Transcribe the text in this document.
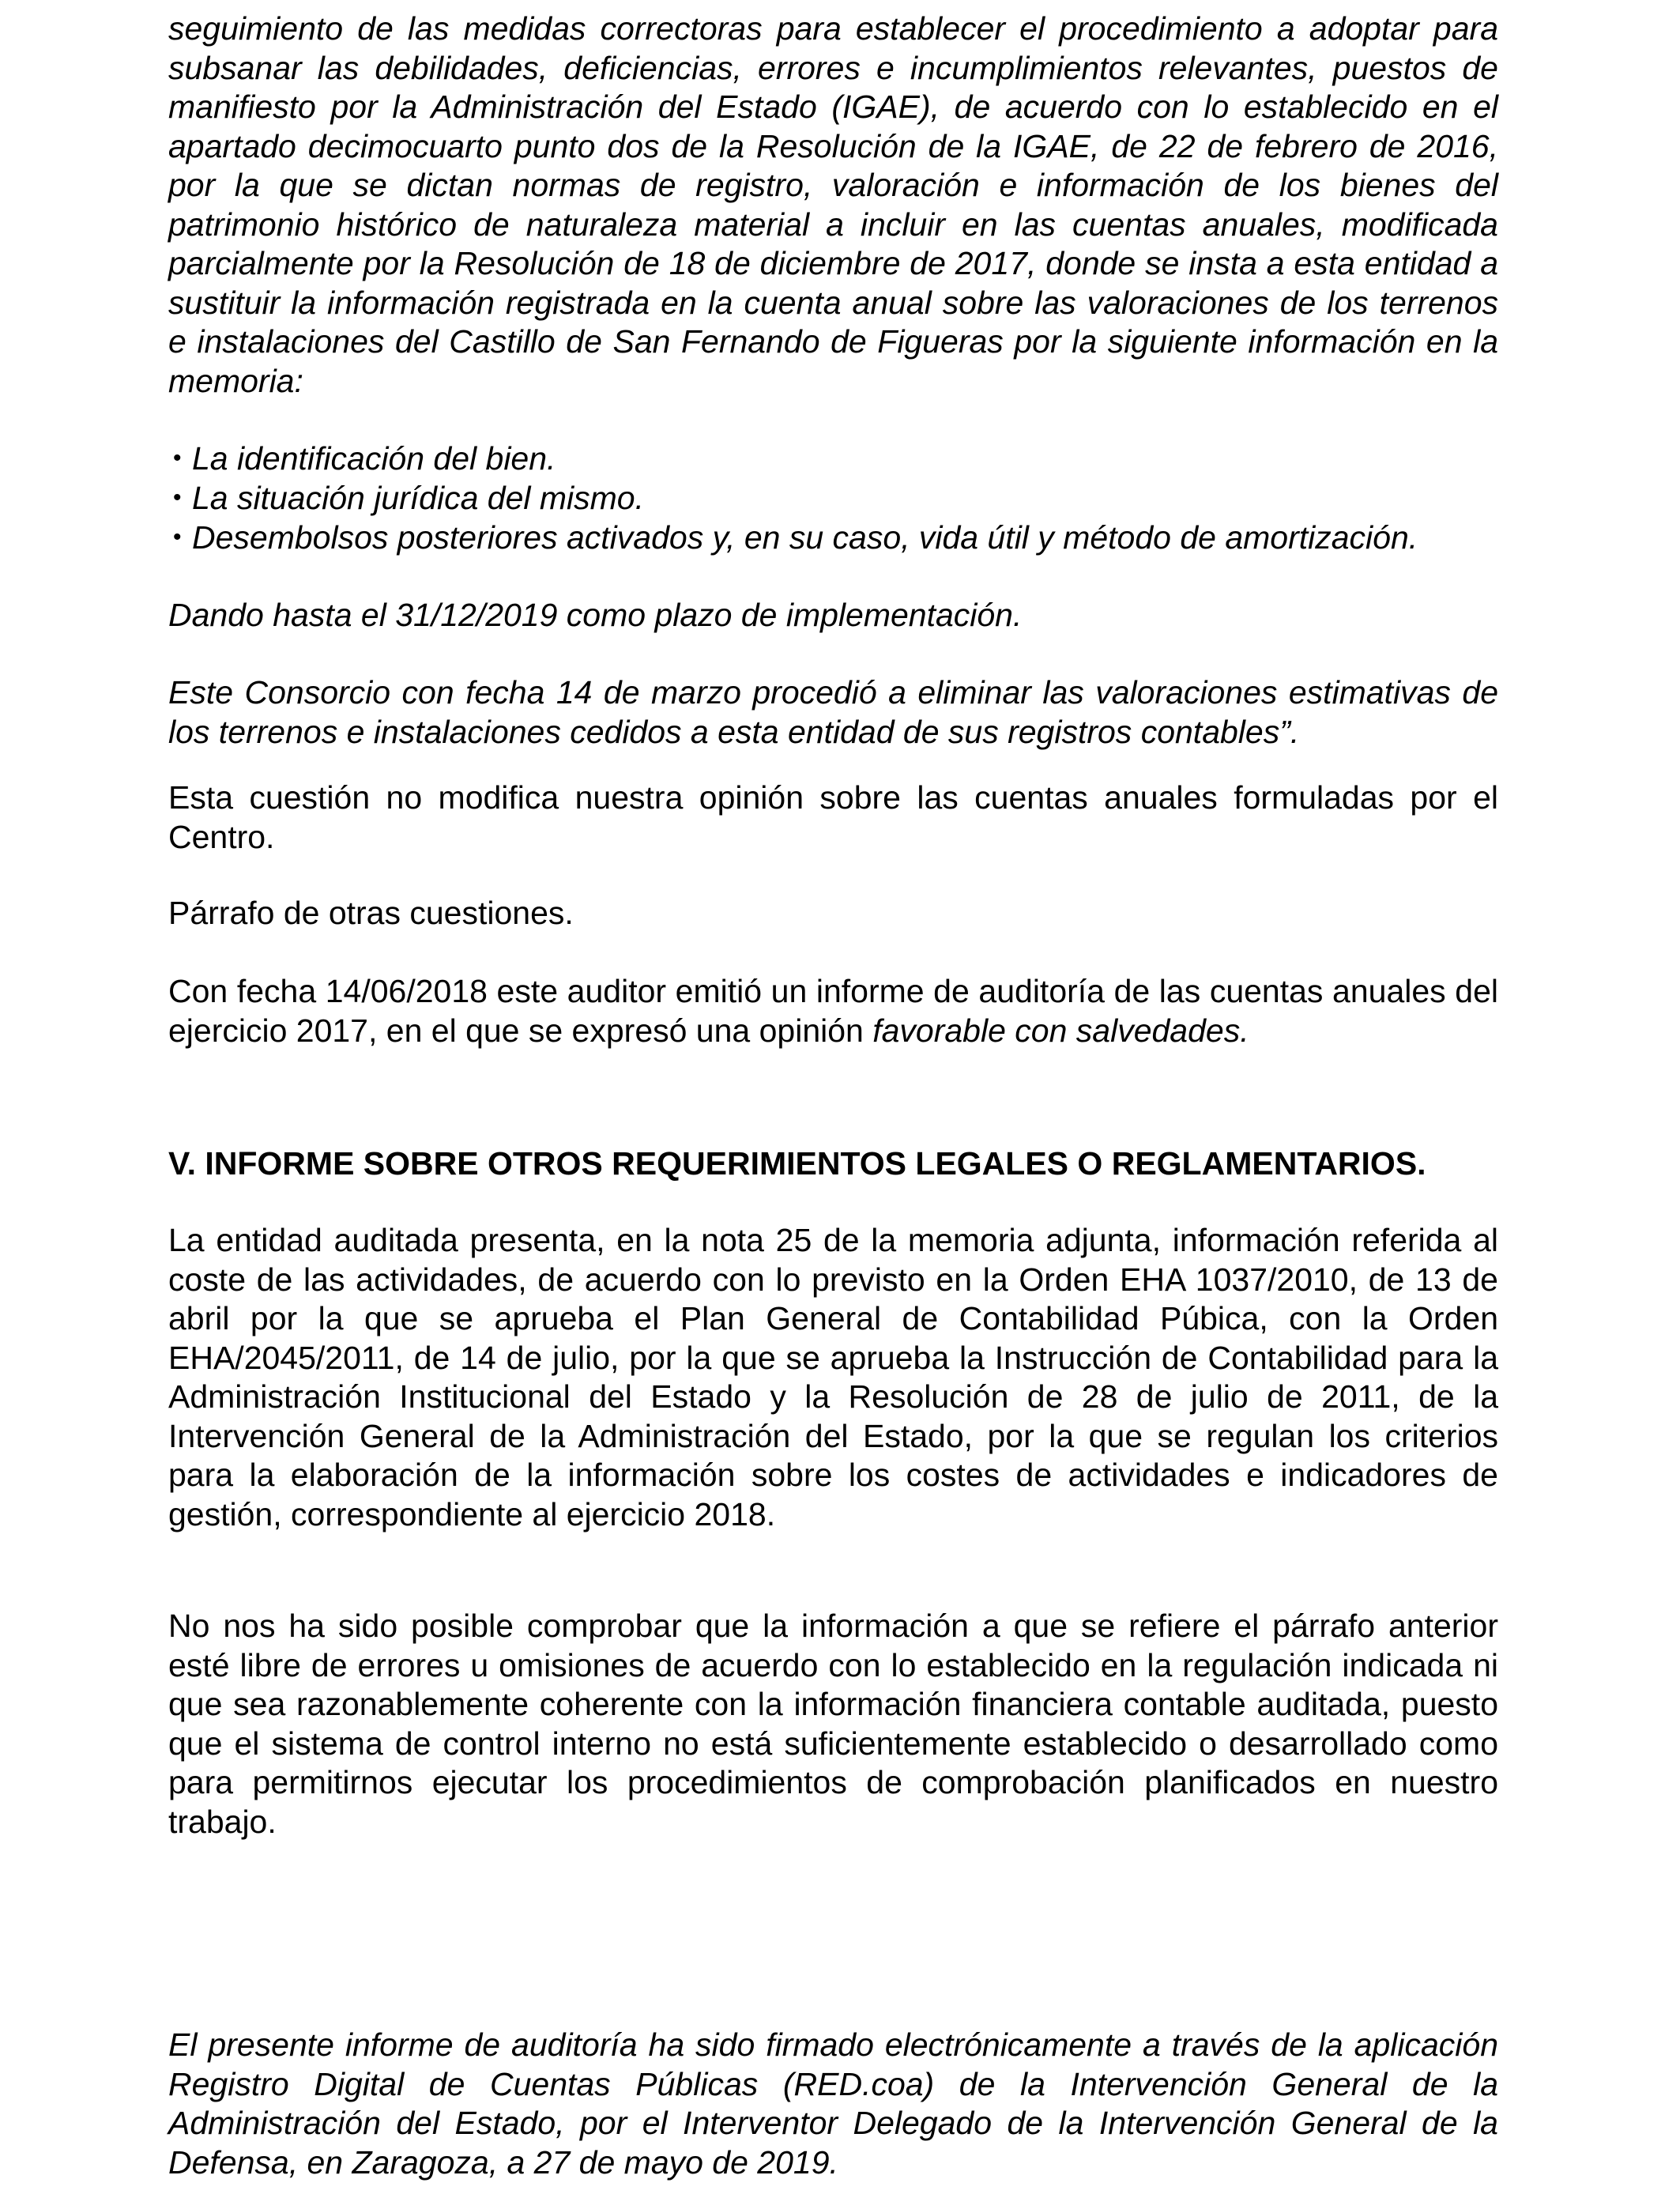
seguimiento de las medidas correctoras para establecer el procedimiento a adoptar para subsanar las debilidades, deficiencias, errores e incumplimientos relevantes, puestos de manifiesto por la Administración del Estado (IGAE), de acuerdo con lo establecido en el apartado decimocuarto punto dos de la Resolución de la IGAE, de 22 de febrero de 2016, por la que se dictan normas de registro, valoración e información de los bienes del patrimonio histórico de naturaleza material a incluir en las cuentas anuales, modificada parcialmente por la Resolución de 18 de diciembre de 2017, donde se insta a esta entidad a sustituir la información registrada en la cuenta anual sobre las valoraciones de los terrenos e instalaciones del Castillo de San Fernando de Figueras por la siguiente información en la memoria:

• La identificación del bien.
• La situación jurídica del mismo.
• Desembolsos posteriores activados y, en su caso, vida útil y método de amortización.

Dando hasta el 31/12/2019 como plazo de implementación.

Este Consorcio con fecha 14 de marzo procedió a eliminar las valoraciones estimativas de los terrenos e instalaciones cedidos a esta entidad de sus registros contables”.

Esta cuestión no modifica nuestra opinión sobre las cuentas anuales formuladas por el Centro.

Párrafo de otras cuestiones.

Con fecha 14/06/2018 este auditor emitió un informe de auditoría de las cuentas anuales del ejercicio 2017, en el que se expresó una opinión favorable con salvedades.

V. INFORME SOBRE OTROS REQUERIMIENTOS LEGALES O REGLAMENTARIOS.

La entidad auditada presenta, en la nota 25 de la memoria adjunta, información referida al coste de las actividades, de acuerdo con lo previsto en la Orden EHA 1037/2010, de 13 de abril por la que se aprueba el Plan General de Contabilidad Púbica, con la Orden EHA/2045/2011, de 14 de julio, por la que se aprueba la Instrucción de Contabilidad para la Administración Institucional del Estado y la Resolución de 28 de julio de 2011, de la Intervención General de la Administración del Estado, por la que se regulan los criterios para la elaboración de la información sobre los costes de actividades e indicadores de gestión, correspondiente al ejercicio 2018.

No nos ha sido posible comprobar que la información a que se refiere el párrafo anterior esté libre de errores u omisiones de acuerdo con lo establecido en la regulación indicada ni que sea razonablemente coherente con la información financiera contable auditada, puesto que el sistema de control interno no está suficientemente establecido o desarrollado como para permitirnos ejecutar los procedimientos de comprobación planificados en nuestro trabajo.

El presente informe de auditoría ha sido firmado electrónicamente a través de la aplicación Registro Digital de Cuentas Públicas (RED.coa) de la Intervención General de la Administración del Estado, por el Interventor Delegado de la Intervención General de la Defensa, en Zaragoza, a 27 de mayo de 2019.
